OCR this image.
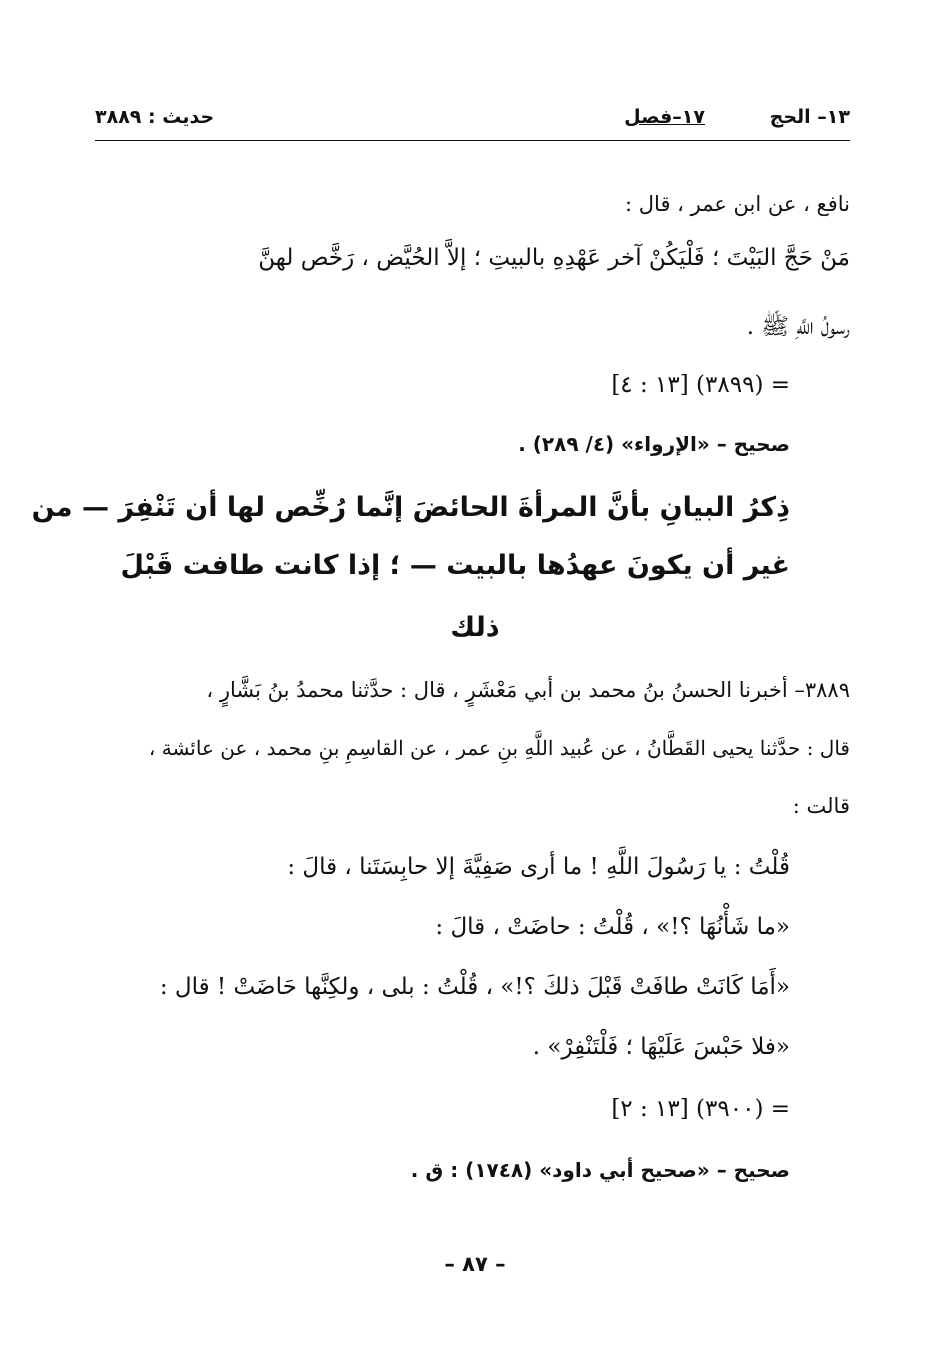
١٣– الحج
١٧–فصل
حديث : ٣٨٨٩
نافع ، عن ابن عمر ، قال :
مَنْ حَجَّ البَيْتَ ؛ فَلْيَكُنْ آخر عَهْدِهِ بالبيتِ ؛ إلاَّ الحُيَّض ، رَخَّص لهنَّ
رسولُ اللَّهِ ﷺ .
= (٣٨٩٩) [١٣ : ٤]
صحيح – «الإرواء» (٤/ ٢٨٩) .
ذِكرُ البيانِ بأنَّ المرأةَ الحائضَ إنَّما رُخِّص لها أن تَنْفِرَ — من
غير أن يكونَ عهدُها بالبيت — ؛ إذا كانت طافت قَبْلَ
ذلك
٣٨٨٩– أخبرنا الحسنُ بنُ محمد بن أبي مَعْشَرٍ ، قال : حدَّثنا محمدُ بنُ بَشَّارٍ ،
قال : حدَّثنا يحيى القَطَّانُ ، عن عُبيد اللَّهِ بنِ عمر ، عن القاسِمِ بنِ محمد ، عن عائشة ،
قالت :
قُلْتُ : يا رَسُولَ اللَّهِ ! ما أرى صَفِيَّةَ إلا حابِسَتَنا ، قالَ :
«ما شَأْنُهَا ؟!» ، قُلْتُ : حاضَتْ ، قالَ :
«أَمَا كَانَتْ طافَتْ قَبْلَ ذلكَ ؟!» ، قُلْتُ : بلى ، ولكِنَّها حَاضَتْ ! قال :
«فلا حَبْسَ عَلَيْهَا ؛ فَلْتَنْفِرْ» .
= (٣٩٠٠) [١٣ : ٢]
صحيح – «صحيح أبي داود» (١٧٤٨) : ق .
– ٨٧ –
